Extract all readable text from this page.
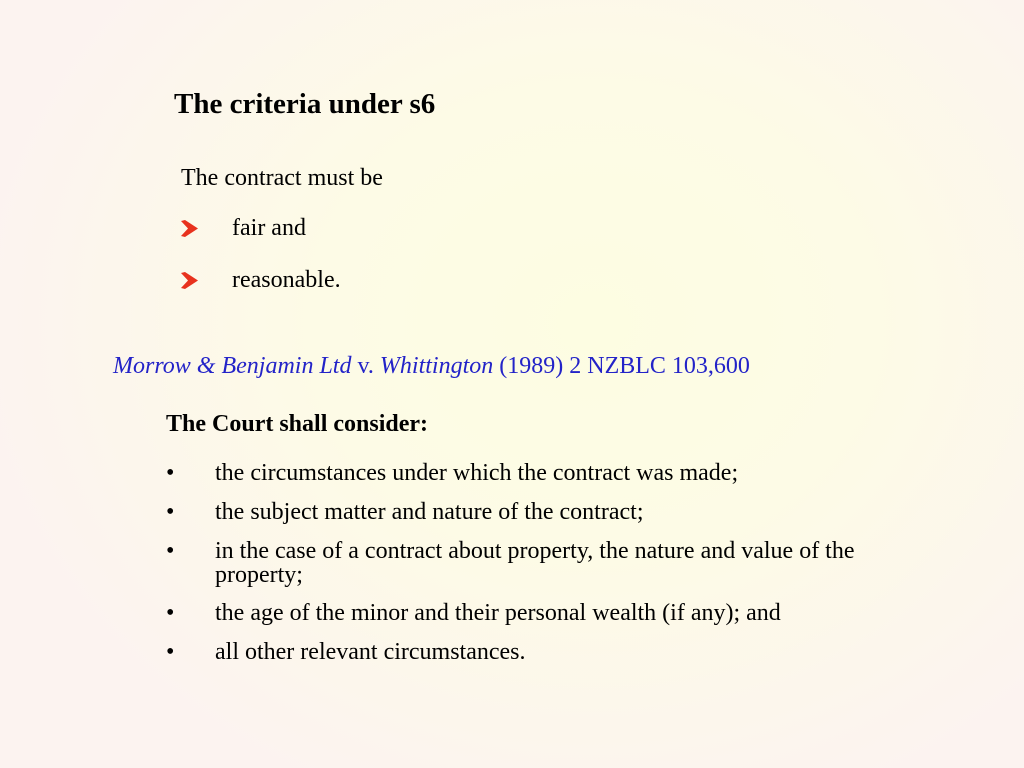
The criteria under s6
The contract must be
fair and
reasonable.
Morrow & Benjamin Ltd v. Whittington (1989) 2 NZBLC 103,600
The Court shall consider:
•	the circumstances under which the contract was made;
•	the subject matter and nature of the contract;
•	in the case of a contract about property, the nature and value of the property;
•	the age of the minor and their personal wealth (if any); and
•	all other relevant circumstances.
